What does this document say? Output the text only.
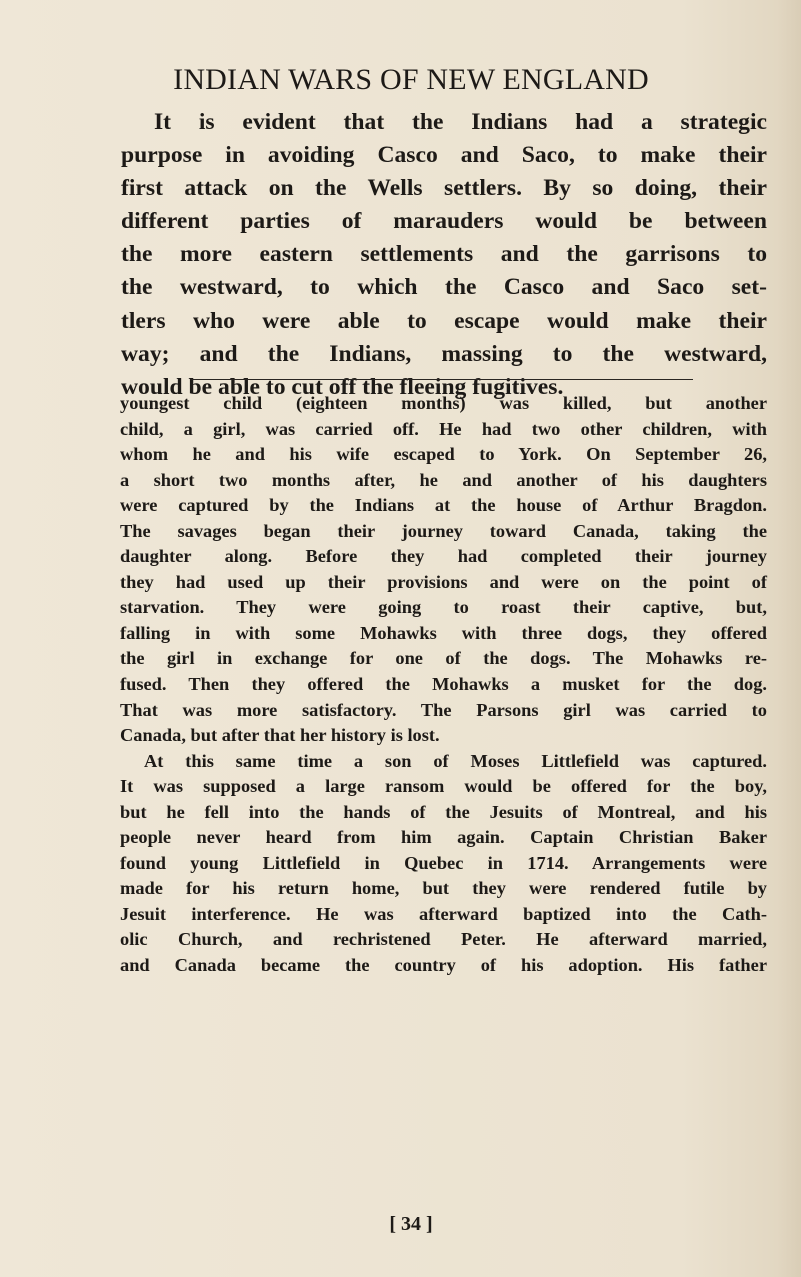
INDIAN WARS OF NEW ENGLAND
It is evident that the Indians had a strategic
purpose in avoiding Casco and Saco, to make their
first attack on the Wells settlers. By so doing, their
different parties of marauders would be between
the more eastern settlements and the garrisons to
the westward, to which the Casco and Saco set-
tlers who were able to escape would make their
way; and the Indians, massing to the westward,
would be able to cut off the fleeing fugitives.
youngest child (eighteen months) was killed, but another
child, a girl, was carried off. He had two other children, with
whom he and his wife escaped to York. On September 26,
a short two months after, he and another of his daughters
were captured by the Indians at the house of Arthur Bragdon.
The savages began their journey toward Canada, taking the
daughter along. Before they had completed their journey
they had used up their provisions and were on the point of
starvation. They were going to roast their captive, but,
falling in with some Mohawks with three dogs, they offered
the girl in exchange for one of the dogs. The Mohawks re-
fused. Then they offered the Mohawks a musket for the dog.
That was more satisfactory. The Parsons girl was carried to
Canada, but after that her history is lost.
At this same time a son of Moses Littlefield was captured.
It was supposed a large ransom would be offered for the boy,
but he fell into the hands of the Jesuits of Montreal, and his
people never heard from him again. Captain Christian Baker
found young Littlefield in Quebec in 1714. Arrangements were
made for his return home, but they were rendered futile by
Jesuit interference. He was afterward baptized into the Cath-
olic Church, and rechristened Peter. He afterward married,
and Canada became the country of his adoption. His father
[ 34 ]
